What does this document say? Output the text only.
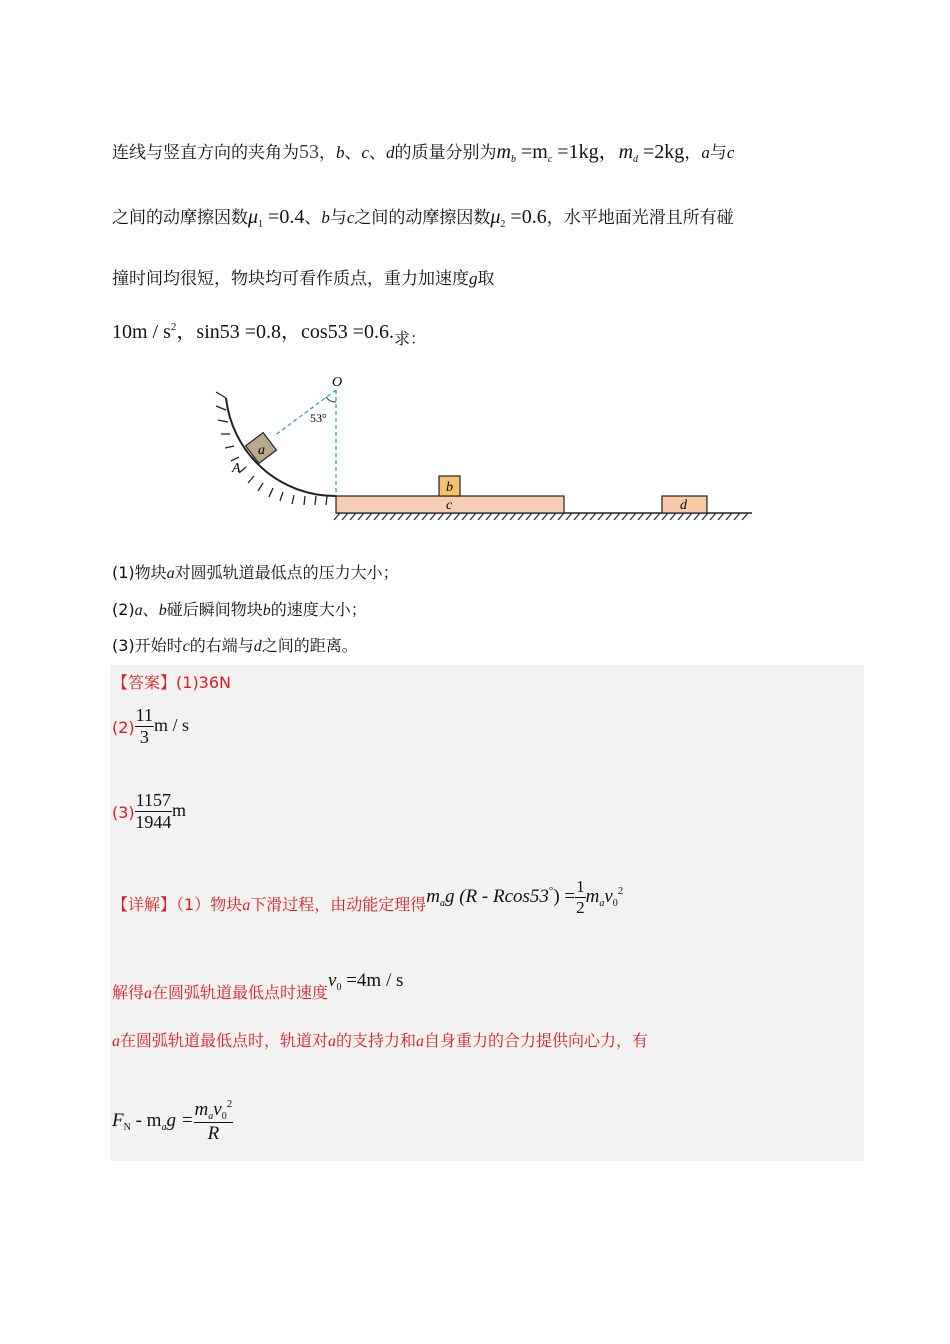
连线与竖直方向的夹角为53，b、c、d的质量分别为$m_b =m_c =1kg$，$m_d =2kg$，a与c
之间的动摩擦因数$\mu_1 =0.4$、b与c之间的动摩擦因数$\mu_2 =0.6$，水平地面光滑且所有碰
撞时间均很短，物块均可看作质点，重力加速度g取
$10m / s^2$，sin53 =0.8，cos53 =0.6.求：
O
53°
a
A
c
b
d
(1)物块a对圆弧轨道最低点的压力大小；
(2)a、b碰后瞬间物块b的速度大小；
(3)开始时c的右端与d之间的距离。
【答案】(1)36N
$(2) \frac{11}{3}$ m / s
$(3) \frac{1157}{1944}$ m
【详解】（1）物块a下滑过程，由动能定理得$m_ag$ $(R - Rcos53^\circ) = \frac{1}{2} m_av_0^2$
解得a在圆弧轨道最低点时速度$v_0 =4m / s$
a在圆弧轨道最低点时，轨道对a的支持力和a自身重力的合力提供向心力，有
$F_N - m_ag = \frac{m_av_0^2}{R}$
